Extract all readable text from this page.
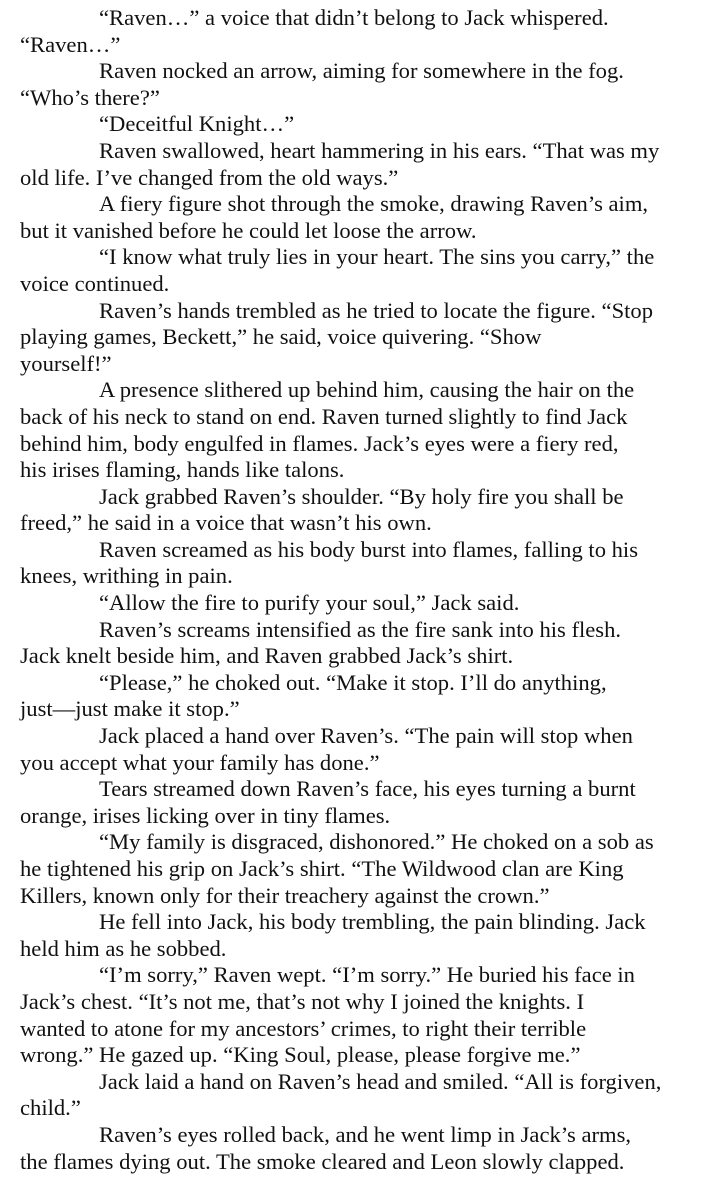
“Raven…” a voice that didn’t belong to Jack whispered.
“Raven…”
Raven nocked an arrow, aiming for somewhere in the fog.
“Who’s there?”
“Deceitful Knight…”
Raven swallowed, heart hammering in his ears. “That was my
old life. I’ve changed from the old ways.”
A fiery figure shot through the smoke, drawing Raven’s aim,
but it vanished before he could let loose the arrow.
“I know what truly lies in your heart. The sins you carry,” the
voice continued.
Raven’s hands trembled as he tried to locate the figure. “Stop
playing games, Beckett,” he said, voice quivering. “Show
yourself!”
A presence slithered up behind him, causing the hair on the
back of his neck to stand on end. Raven turned slightly to find Jack
behind him, body engulfed in flames. Jack’s eyes were a fiery red,
his irises flaming, hands like talons.
Jack grabbed Raven’s shoulder. “By holy fire you shall be
freed,” he said in a voice that wasn’t his own.
Raven screamed as his body burst into flames, falling to his
knees, writhing in pain.
“Allow the fire to purify your soul,” Jack said.
Raven’s screams intensified as the fire sank into his flesh.
Jack knelt beside him, and Raven grabbed Jack’s shirt.
“Please,” he choked out. “Make it stop. I’ll do anything,
just—just make it stop.”
Jack placed a hand over Raven’s. “The pain will stop when
you accept what your family has done.”
Tears streamed down Raven’s face, his eyes turning a burnt
orange, irises licking over in tiny flames.
“My family is disgraced, dishonored.” He choked on a sob as
he tightened his grip on Jack’s shirt. “The Wildwood clan are King
Killers, known only for their treachery against the crown.”
He fell into Jack, his body trembling, the pain blinding. Jack
held him as he sobbed.
“I’m sorry,” Raven wept. “I’m sorry.” He buried his face in
Jack’s chest. “It’s not me, that’s not why I joined the knights. I
wanted to atone for my ancestors’ crimes, to right their terrible
wrong.” He gazed up. “King Soul, please, please forgive me.”
Jack laid a hand on Raven’s head and smiled. “All is forgiven,
child.”
Raven’s eyes rolled back, and he went limp in Jack’s arms,
the flames dying out. The smoke cleared and Leon slowly clapped.
